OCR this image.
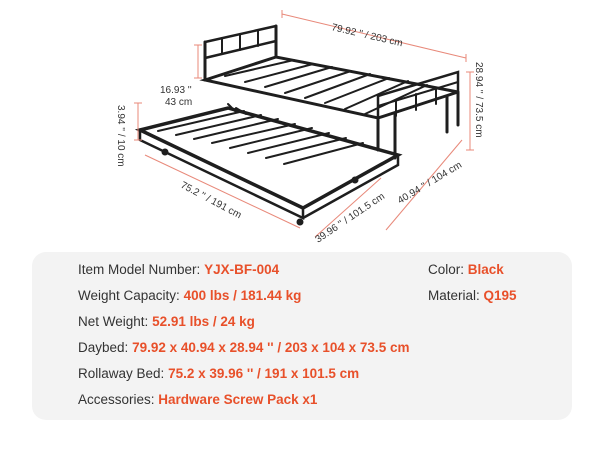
79.92 '' / 203 cm
16.93 ''
43 cm
3.94 '' / 10 cm	28.94 '' / 73.5 cm
40.94 '' / 104 cm
75.2 '' / 191 cm	39.96 '' / 101.5 cm
Item Model Number: YJX-BF-004	Color: Black
Weight Capacity: 400 lbs / 181.44 kg	Material: Q195
Net Weight: 52.91 lbs / 24 kg
Daybed: 79.92 x 40.94 x 28.94 '' / 203 x 104 x 73.5 cm
Rollaway Bed: 75.2 x 39.96 '' / 191 x 101.5 cm
Accessories: Hardware Screw Pack x1
